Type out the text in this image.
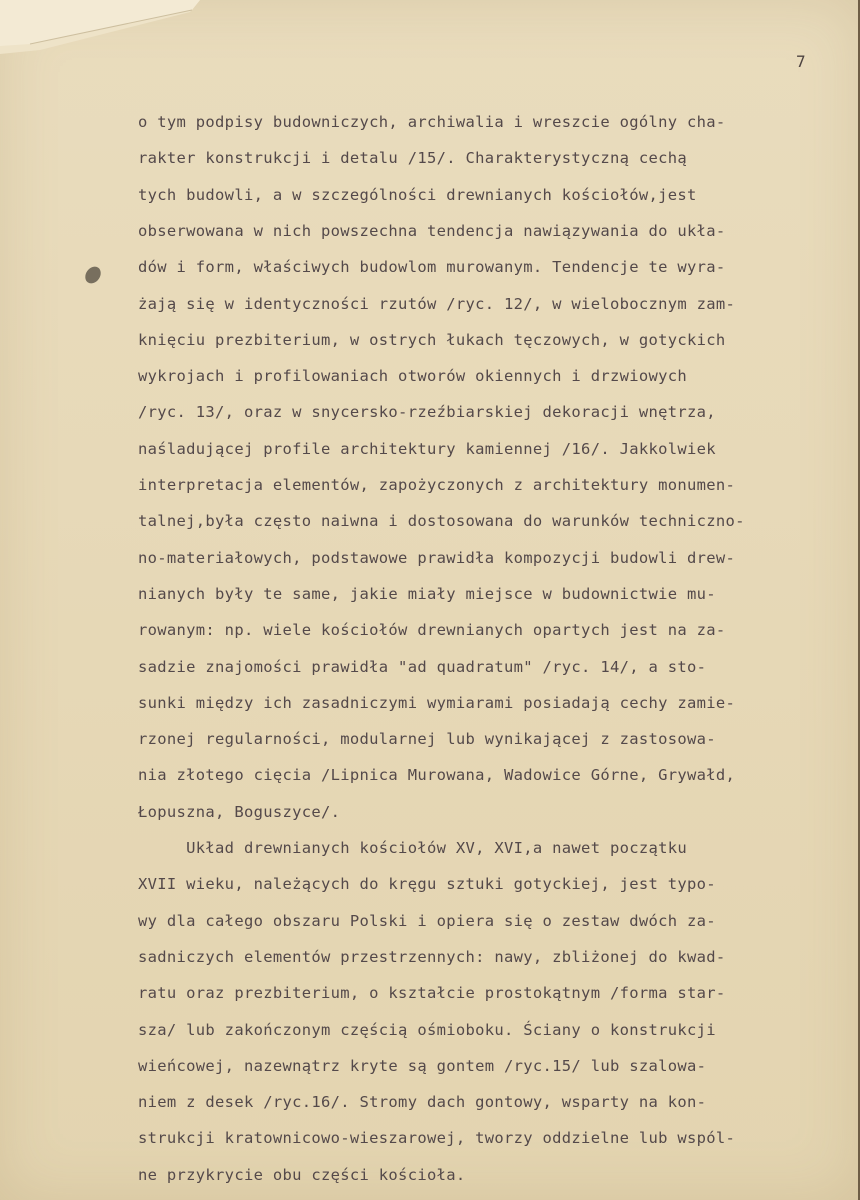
7
o tym podpisy budowniczych, archiwalia i wreszcie ogólny cha-
rakter konstrukcji i detalu /15/. Charakterystyczną cechą
tych budowli, a w szczególności drewnianych kościołów,jest
obserwowana w nich powszechna tendencja nawiązywania do ukła-
dów i form, właściwych budowlom murowanym. Tendencje te wyra-
żają się w identyczności rzutów /ryc. 12/, w wielobocznym zam-
knięciu prezbiterium, w ostrych łukach tęczowych, w gotyckich
wykrojach i profilowaniach otworów okiennych i drzwiowych
/ryc. 13/, oraz w snycersko-rzeźbiarskiej dekoracji wnętrza,
naśladującej profile architektury kamiennej /16/. Jakkolwiek
interpretacja elementów, zapożyczonych z architektury monumen-
talnej,była często naiwna i dostosowana do warunków techniczno-
no-materiałowych, podstawowe prawidła kompozycji budowli drew-
nianych były te same, jakie miały miejsce w budownictwie mu-
rowanym: np. wiele kościołów drewnianych opartych jest na za-
sadzie znajomości prawidła "ad quadratum" /ryc. 14/, a sto-
sunki między ich zasadniczymi wymiarami posiadają cechy zamie-
rzonej regularności, modularnej lub wynikającej z zastosowa-
nia złotego cięcia /Lipnica Murowana, Wadowice Górne, Grywałd,
Łopuszna, Boguszyce/.
Układ drewnianych kościołów XV, XVI,a nawet początku
XVII wieku, należących do kręgu sztuki gotyckiej, jest typo-
wy dla całego obszaru Polski i opiera się o zestaw dwóch za-
sadniczych elementów przestrzennych: nawy, zbliżonej do kwad-
ratu oraz prezbiterium, o kształcie prostokątnym /forma star-
sza/ lub zakończonym częścią ośmioboku. Ściany o konstrukcji
wieńcowej, nazewnątrz kryte są gontem /ryc.15/ lub szalowa-
niem z desek /ryc.16/. Stromy dach gontowy, wsparty na kon-
strukcji kratownicowo-wieszarowej, tworzy oddzielne lub wspól-
ne przykrycie obu części kościoła.
